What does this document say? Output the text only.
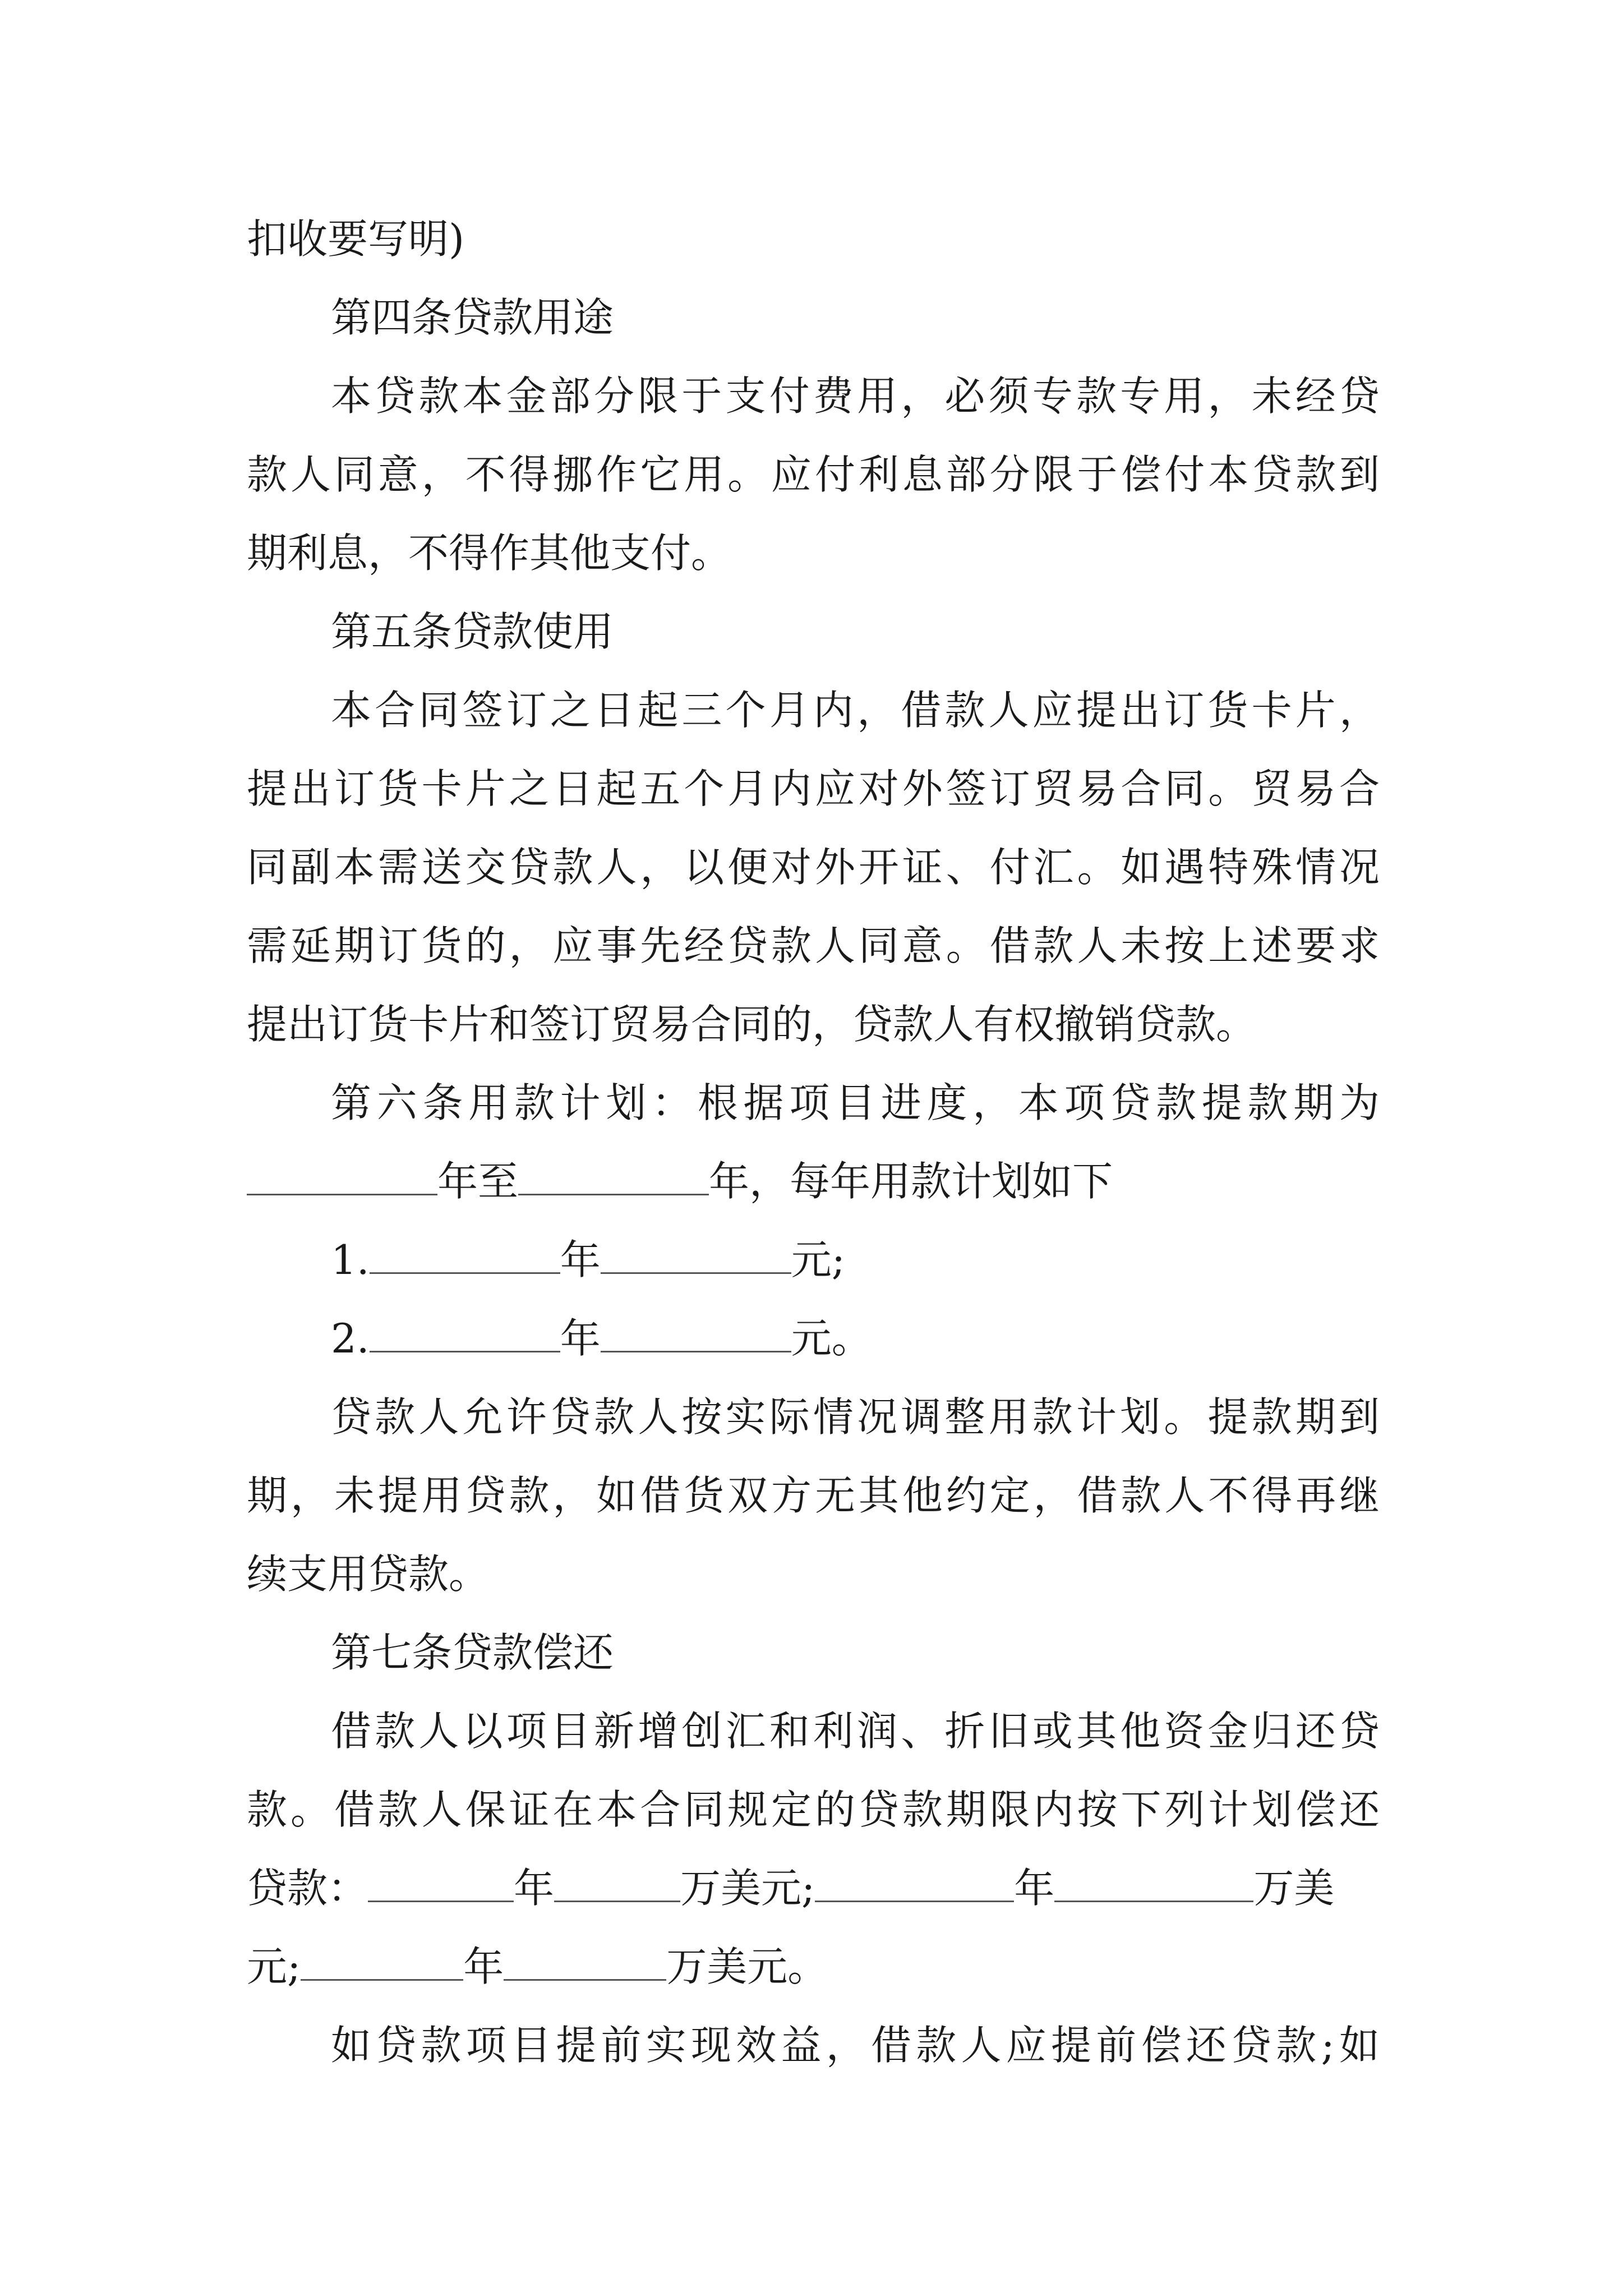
扣收要写明)
第四条贷款用途
本贷款本金部分限于支付费用，必须专款专用，未经贷
款人同意，不得挪作它用。应付利息部分限于偿付本贷款到
期利息，不得作其他支付。
第五条贷款使用
本合同签订之日起三个月内，借款人应提出订货卡片，
提出订货卡片之日起五个月内应对外签订贸易合同。贸易合
同副本需送交贷款人，以便对外开证、付汇。如遇特殊情况
需延期订货的，应事先经贷款人同意。借款人未按上述要求
提出订货卡片和签订贸易合同的，贷款人有权撤销贷款。
第六条用款计划：根据项目进度，本项贷款提款期为
年至	年，每年用款计划如下
1.	年	元;
2.	年	元。
贷款人允许贷款人按实际情况调整用款计划。提款期到
期，未提用贷款，如借货双方无其他约定，借款人不得再继
续支用贷款。
第七条贷款偿还
借款人以项目新增创汇和利润、折旧或其他资金归还贷
款。借款人保证在本合同规定的贷款期限内按下列计划偿还
贷款：	年	万美元;	年	万美
元;	年	万美元。
如贷款项目提前实现效益，借款人应提前偿还贷款;如
